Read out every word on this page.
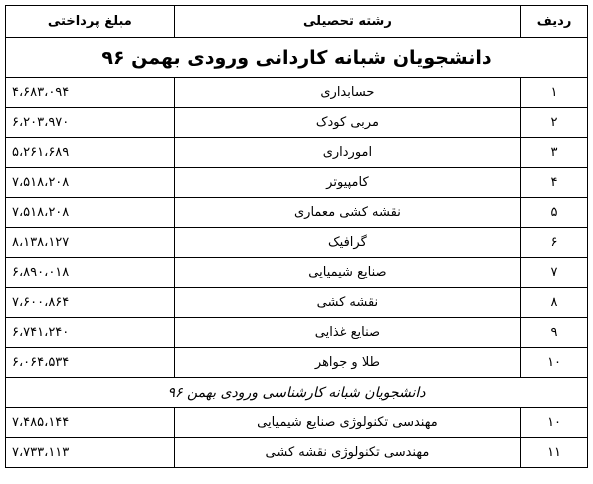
ردیف	رشته تحصیلی	مبلغ پرداختی
دانشجویان شبانه کاردانی ورودی بهمن ۹۶		
۱	حسابداری	۴،۶۸۳،۰۹۴
۲	مربی کودک	۶،۲۰۳،۹۷۰
۳	امورداری	۵،۲۶۱،۶۸۹
۴	کامپیوتر	۷،۵۱۸،۲۰۸
۵	نقشه کشی معماری	۷،۵۱۸،۲۰۸
۶	گرافیک	۸،۱۳۸،۱۲۷
۷	صنایع شیمیایی	۶،۸۹۰،۰۱۸
۸	نقشه کشی	۷،۶۰۰،۸۶۴
۹	صنایع غذایی	۶،۷۴۱،۲۴۰
۱۰	طلا و جواهر	۶،۰۶۴،۵۳۴
دانشجویان شبانه کارشناسی ورودی بهمن ۹۶		
۱۰	مهندسی تکنولوژی صنایع شیمیایی	۷،۴۸۵،۱۴۴
۱۱	مهندسی تکنولوژی نقشه کشی	۷،۷۳۳،۱۱۳
